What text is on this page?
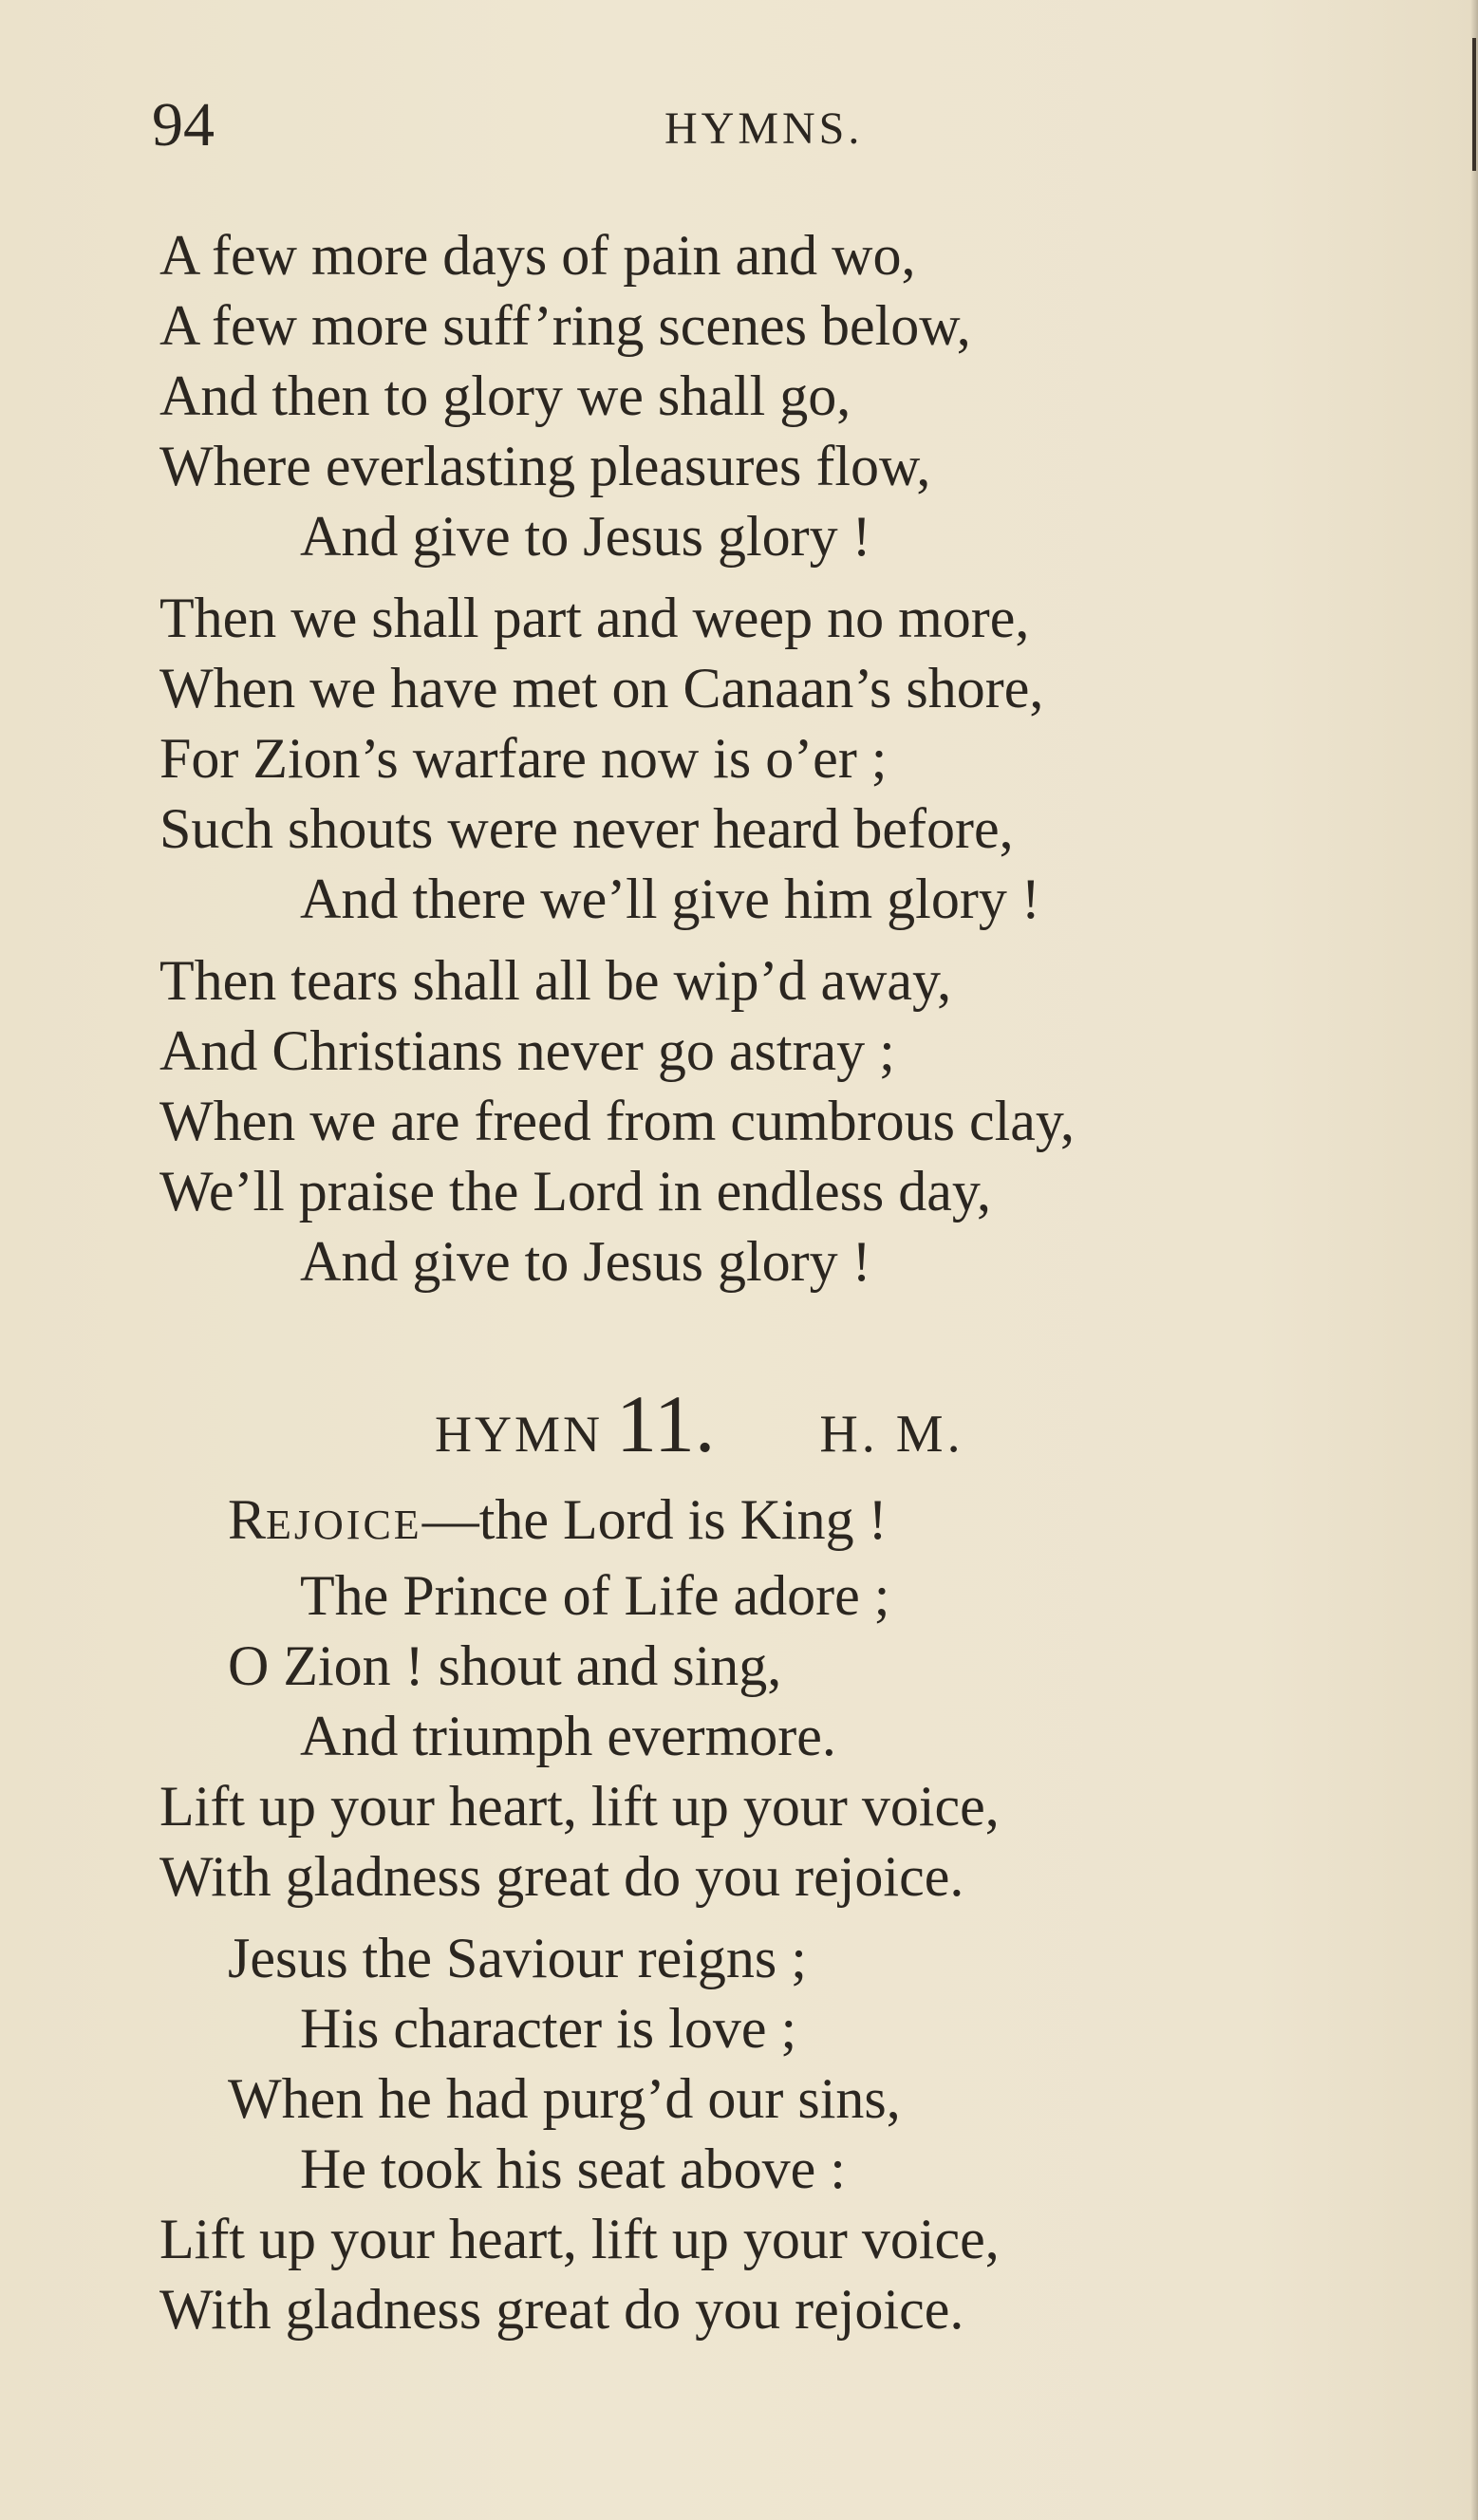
94	HYMNS.
A few more days of pain and wo,
A few more suff’ring scenes below,
And then to glory we shall go,
Where everlasting pleasures flow,
And give to Jesus glory !
Then we shall part and weep no more,
When we have met on Canaan’s shore,
For Zion’s warfare now is o’er ;
Such shouts were never heard before,
And there we’ll give him glory !
Then tears shall all be wip’d away,
And Christians never go astray ;
When we are freed from cumbrous clay,
We’ll praise the Lord in endless day,
And give to Jesus glory !
HYMN 11. H. M.
REJOICE—the Lord is King !
The Prince of Life adore ;
O Zion ! shout and sing,
And triumph evermore.
Lift up your heart, lift up your voice,
With gladness great do you rejoice.
Jesus the Saviour reigns ;
His character is love ;
When he had purg’d our sins,
He took his seat above :
Lift up your heart, lift up your voice,
With gladness great do you rejoice.
